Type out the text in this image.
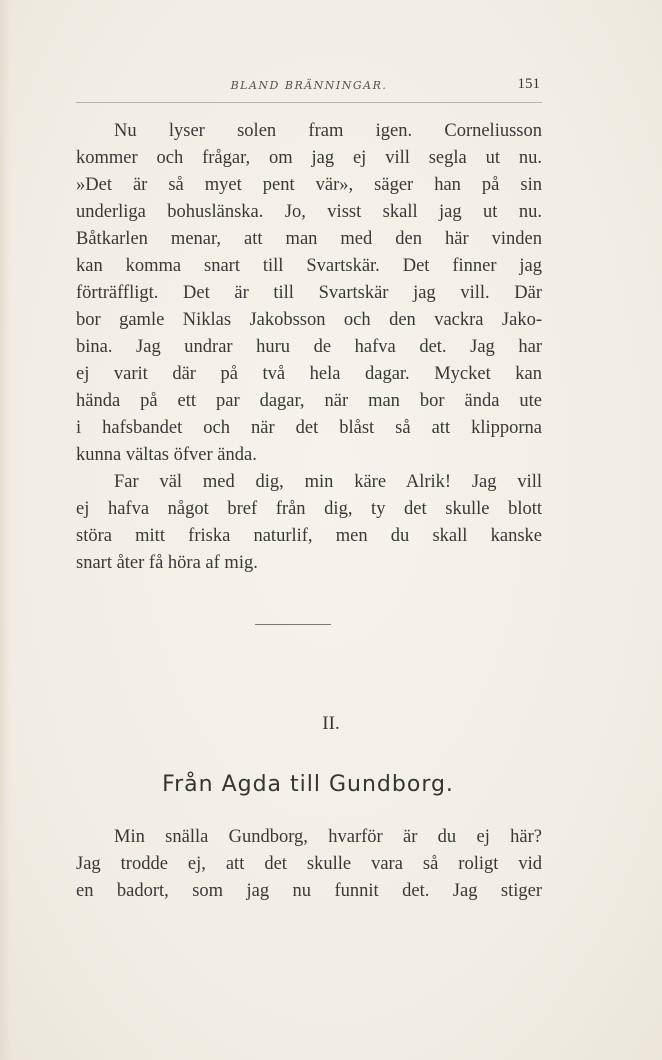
BLAND BRÄNNINGAR.	151
Nu lyser solen fram igen. Corneliusson
kommer och frågar, om jag ej vill segla ut nu.
»Det är så myet pent vär», säger han på sin
underliga bohuslänska. Jo, visst skall jag ut nu.
Båtkarlen menar, att man med den här vinden
kan komma snart till Svartskär. Det finner jag
förträffligt. Det är till Svartskär jag vill. Där
bor gamle Niklas Jakobsson och den vackra Jako-
bina. Jag undrar huru de hafva det. Jag har
ej varit där på två hela dagar. Mycket kan
hända på ett par dagar, när man bor ända ute
i hafsbandet och när det blåst så att klipporna
kunna vältas öfver ända.
Far väl med dig, min käre Alrik! Jag vill
ej hafva något bref från dig, ty det skulle blott
störa mitt friska naturlif, men du skall kanske
snart åter få höra af mig.
II.
Från Agda till Gundborg.
Min snälla Gundborg, hvarför är du ej här?
Jag trodde ej, att det skulle vara så roligt vid
en badort, som jag nu funnit det. Jag stiger
